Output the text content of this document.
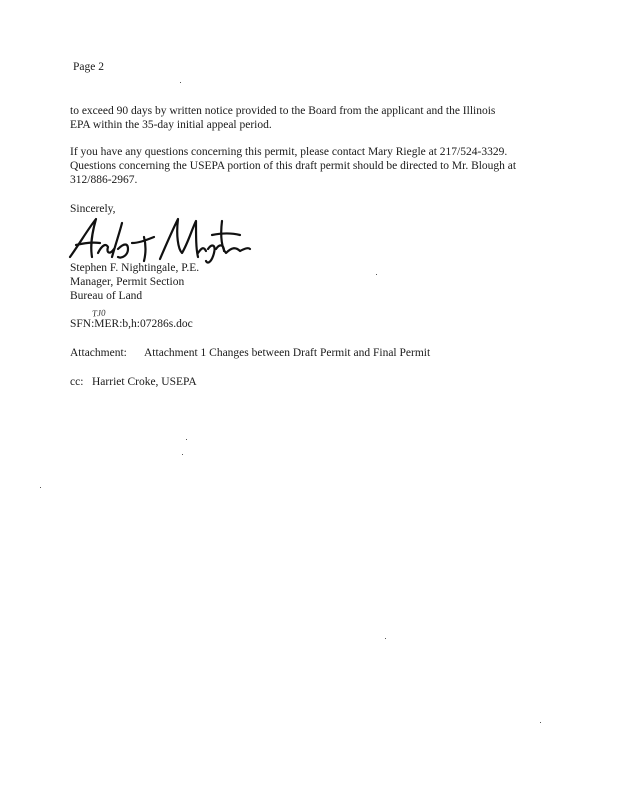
Page 2
to exceed 90 days by written notice provided to the Board from the applicant and the Illinois
EPA within the 35-day initial appeal period.
If you have any questions concerning this permit, please contact Mary Riegle at 217/524-3329.
Questions concerning the USEPA portion of this draft permit should be directed to Mr. Blough at
312/886-2967.
Sincerely,
Stephen F. Nightingale, P.E.
Manager, Permit Section
Bureau of Land
TJ0
SFN:MER:b,h:07286s.doc
Attachment: Attachment 1 Changes between Draft Permit and Final Permit
cc: Harriet Croke, USEPA
